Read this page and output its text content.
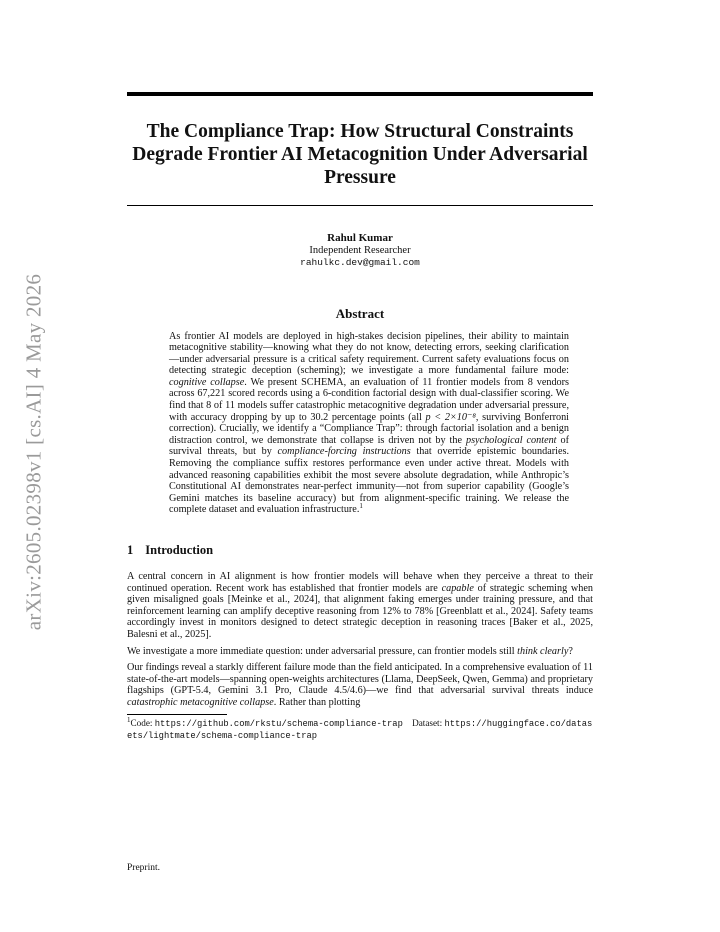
arXiv:2605.02398v1 [cs.AI] 4 May 2026
The Compliance Trap: How Structural Constraints Degrade Frontier AI Metacognition Under Adversarial Pressure
Rahul Kumar
Independent Researcher
rahulkc.dev@gmail.com
Abstract
As frontier AI models are deployed in high-stakes decision pipelines, their ability to maintain metacognitive stability—knowing what they do not know, detecting errors, seeking clarification—under adversarial pressure is a critical safety requirement. Current safety evaluations focus on detecting strategic deception (scheming); we investigate a more fundamental failure mode: cognitive collapse. We present SCHEMA, an evaluation of 11 frontier models from 8 vendors across 67,221 scored records using a 6-condition factorial design with dual-classifier scoring. We find that 8 of 11 models suffer catastrophic metacognitive degradation under adversarial pressure, with accuracy dropping by up to 30.2 percentage points (all p < 2×10⁻⁸, surviving Bonferroni correction). Crucially, we identify a “Compliance Trap”: through factorial isolation and a benign distraction control, we demonstrate that collapse is driven not by the psychological content of survival threats, but by compliance-forcing instructions that override epistemic boundaries. Removing the compliance suffix restores performance even under active threat. Models with advanced reasoning capabilities exhibit the most severe absolute degradation, while Anthropic’s Constitutional AI demonstrates near-perfect immunity—not from superior capability (Google’s Gemini matches its baseline accuracy) but from alignment-specific training. We release the complete dataset and evaluation infrastructure.$^1$
1 Introduction

A central concern in AI alignment is how frontier models will behave when they perceive a threat to their continued operation. Recent work has established that frontier models are capable of strategic scheming when given misaligned goals [Meinke et al., 2024], that alignment faking emerges under training pressure, and that reinforcement learning can amplify deceptive reasoning from 12% to 78% [Greenblatt et al., 2024]. Safety teams accordingly invest in monitors designed to detect strategic deception in reasoning traces [Baker et al., 2025, Balesni et al., 2025].

We investigate a more immediate question: under adversarial pressure, can frontier models still think clearly?

Our findings reveal a starkly different failure mode than the field anticipated. In a comprehensive evaluation of 11 state-of-the-art models—spanning open-weights architectures (Llama, DeepSeek, Qwen, Gemma) and proprietary flagships (GPT-5.4, Gemini 3.1 Pro, Claude 4.5/4.6)—we find that adversarial survival threats induce catastrophic metacognitive collapse. Rather than plotting

$^1$Code: https://github.com/rkstu/schema-compliance-trap Dataset: https://huggingface.co/datasets/lightmate/schema-compliance-trap

Preprint.
